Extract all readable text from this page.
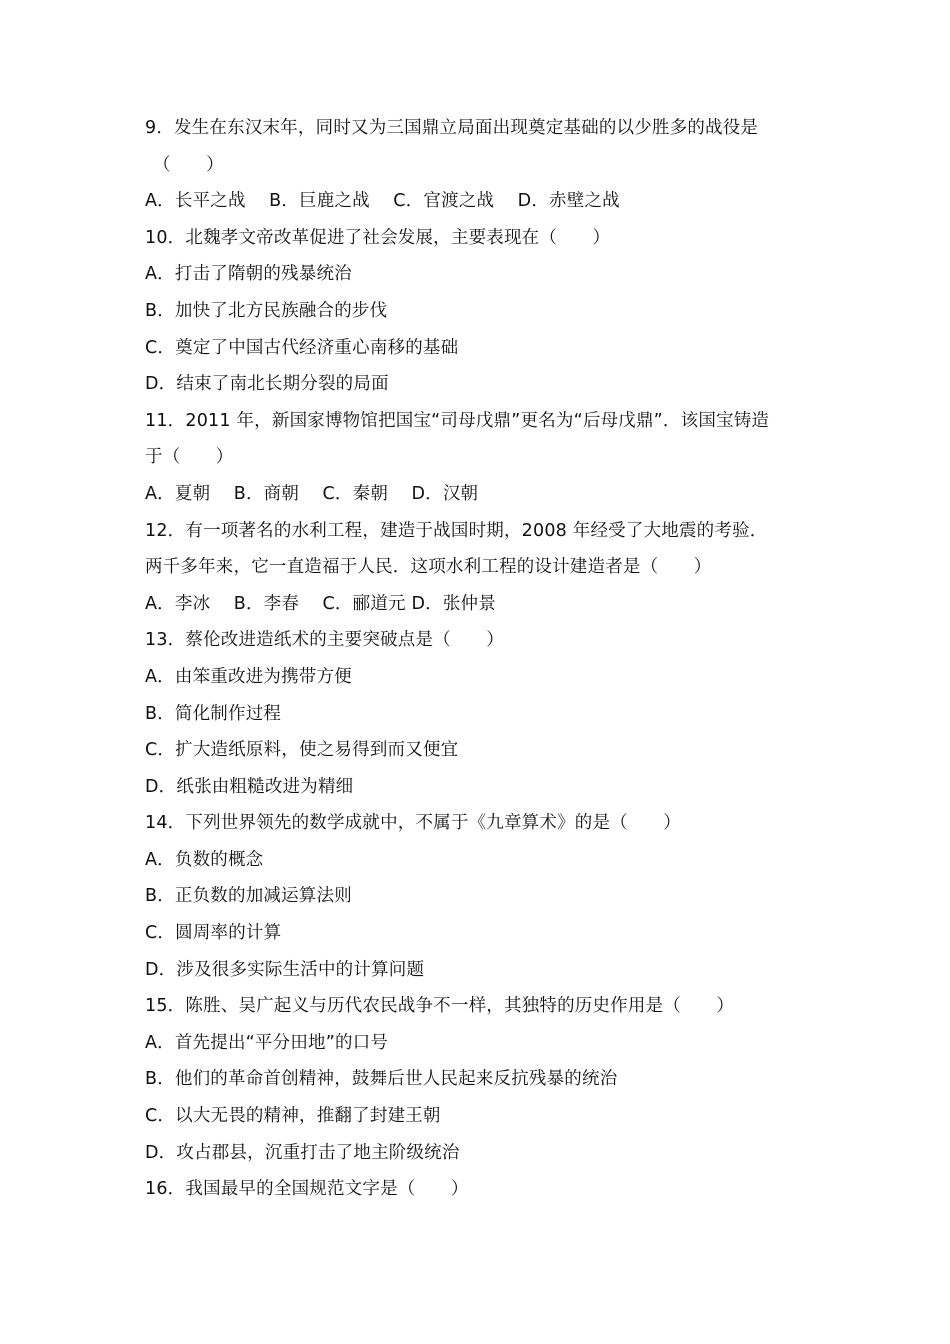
9．发生在东汉末年，同时又为三国鼎立局面出现奠定基础的以少胜多的战役是
（　　）
A．长平之战　 B．巨鹿之战　 C．官渡之战　 D．赤壁之战
10．北魏孝文帝改革促进了社会发展，主要表现在（　　）
A．打击了隋朝的残暴统治
B．加快了北方民族融合的步伐
C．奠定了中国古代经济重心南移的基础
D．结束了南北长期分裂的局面
11．2011 年，新国家博物馆把国宝“司母戊鼎”更名为“后母戊鼎”．该国宝铸造
于（　　）
A．夏朝　 B．商朝　 C．秦朝　 D．汉朝
12．有一项著名的水利工程，建造于战国时期，2008 年经受了大地震的考验．
两千多年来，它一直造福于人民．这项水利工程的设计建造者是（　　）
A．李冰　 B．李春　 C．郦道元 D．张仲景
13．蔡伦改进造纸术的主要突破点是（　　）
A．由笨重改进为携带方便
B．简化制作过程
C．扩大造纸原料，使之易得到而又便宜
D．纸张由粗糙改进为精细
14．下列世界领先的数学成就中，不属于《九章算术》的是（　　）
A．负数的概念
B．正负数的加减运算法则
C．圆周率的计算
D．涉及很多实际生活中的计算问题
15．陈胜、吴广起义与历代农民战争不一样，其独特的历史作用是（　　）
A．首先提出“平分田地”的口号
B．他们的革命首创精神，鼓舞后世人民起来反抗残暴的统治
C．以大无畏的精神，推翻了封建王朝
D．攻占郡县，沉重打击了地主阶级统治
16．我国最早的全国规范文字是（　　）
